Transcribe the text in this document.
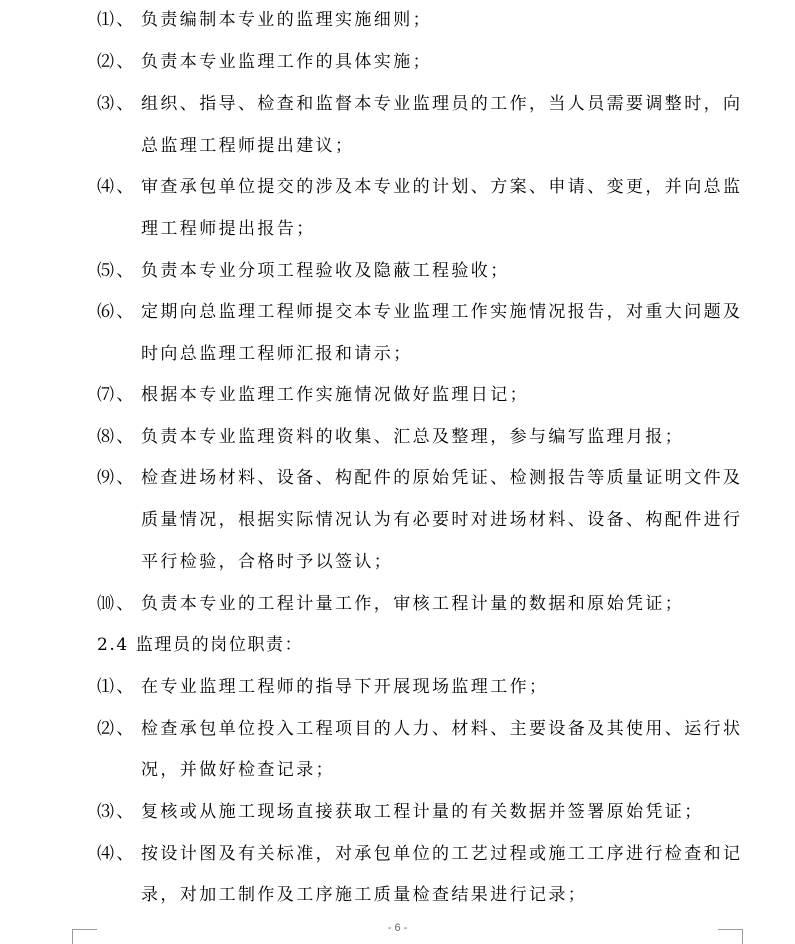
⑴、 负责编制本专业的监理实施细则；
⑵、 负责本专业监理工作的具体实施；
⑶、 组织、指导、检查和监督本专业监理员的工作，当人员需要调整时，向
总监理工程师提出建议；
⑷、 审查承包单位提交的涉及本专业的计划、方案、申请、变更，并向总监
理工程师提出报告；
⑸、 负责本专业分项工程验收及隐蔽工程验收；
⑹、 定期向总监理工程师提交本专业监理工作实施情况报告，对重大问题及
时向总监理工程师汇报和请示；
⑺、 根据本专业监理工作实施情况做好监理日记；
⑻、 负责本专业监理资料的收集、汇总及整理，参与编写监理月报；
⑼、 检查进场材料、设备、构配件的原始凭证、检测报告等质量证明文件及
质量情况，根据实际情况认为有必要时对进场材料、设备、构配件进行
平行检验，合格时予以签认；
⑽、 负责本专业的工程计量工作，审核工程计量的数据和原始凭证；
2.4 监理员的岗位职责：
⑴、 在专业监理工程师的指导下开展现场监理工作；
⑵、 检查承包单位投入工程项目的人力、材料、主要设备及其使用、运行状
况，并做好检查记录；
⑶、 复核或从施工现场直接获取工程计量的有关数据并签署原始凭证；
⑷、 按设计图及有关标准，对承包单位的工艺过程或施工工序进行检查和记
录，对加工制作及工序施工质量检查结果进行记录；
- 6 -
